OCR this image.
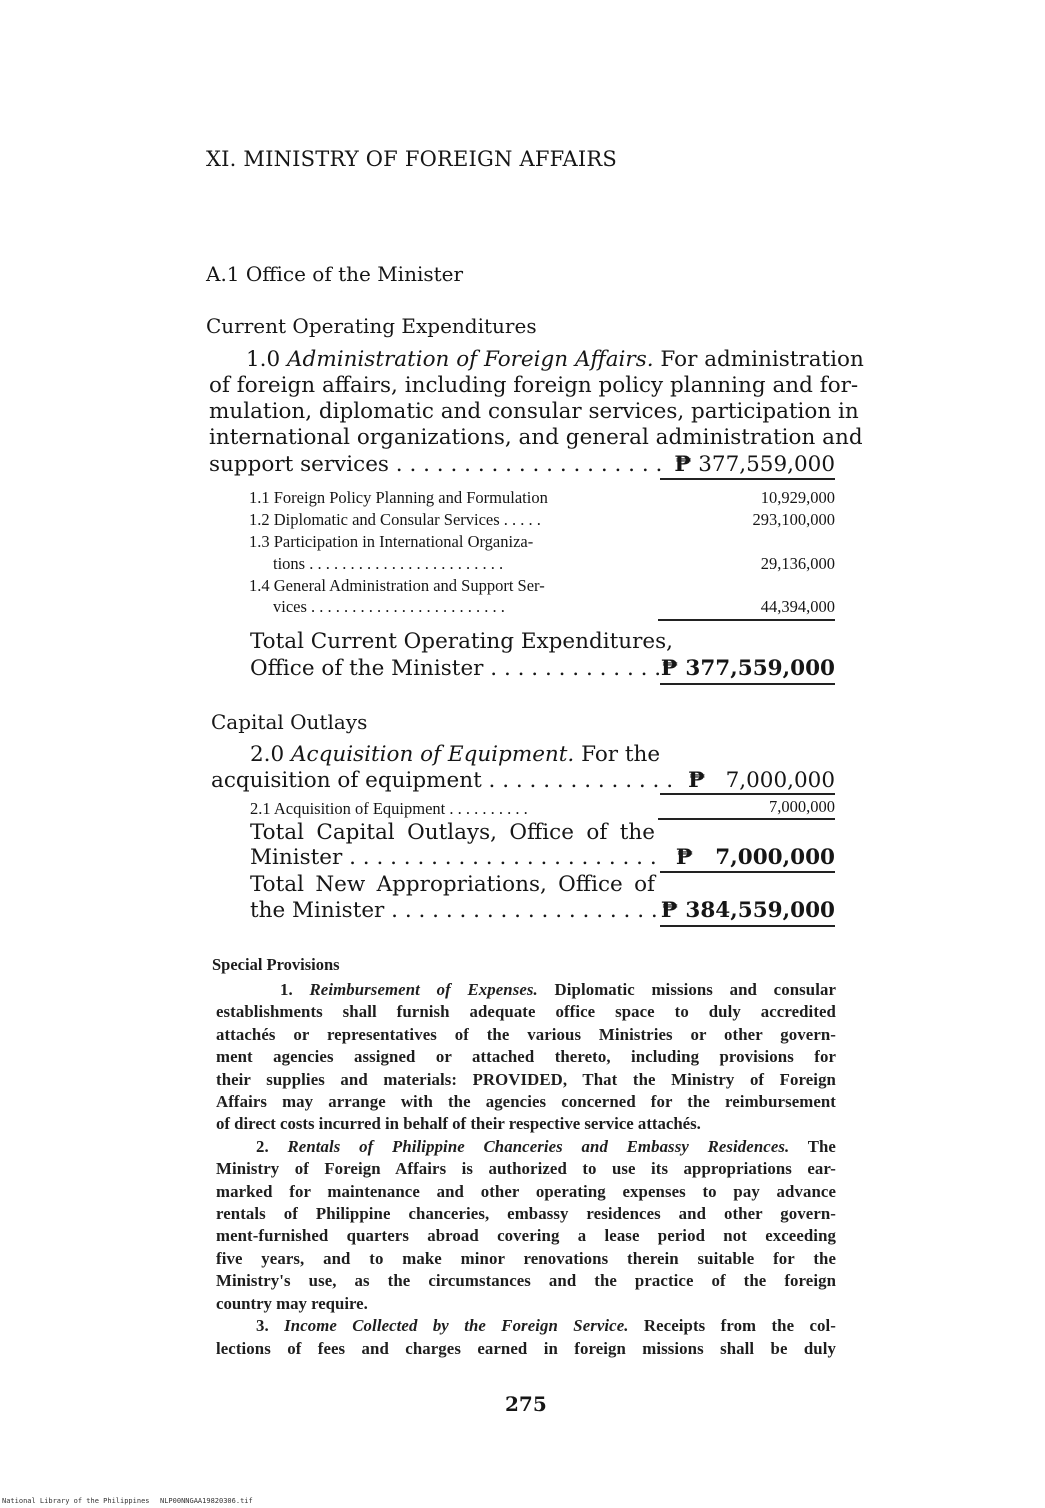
XI. MINISTRY OF FOREIGN AFFAIRS
A.1 Office of the Minister
Current Operating Expenditures
1.0 Administration of Foreign Affairs. For administration
of foreign affairs, including foreign policy planning and for-
mulation, diplomatic and consular services, participation in
international organizations, and general administration and
support services . . . . . . . . . . . . . . . . . . . . ₱ 377,559,000
1.1 Foreign Policy Planning and Formulation	10,929,000
1.2 Diplomatic and Consular Services . . . . .	293,100,000
1.3 Participation in International Organiza-
tions . . . . . . . . . . . . . . . . . . . . . . . .	29,136,000
1.4 General Administration and Support Ser-
vices . . . . . . . . . . . . . . . . . . . . . . . .	44,394,000
Total Current Operating Expenditures,
Office of the Minister . . . . . . . . . . . . . ₱ 377,559,000
Capital Outlays
2.0 Acquisition of Equipment. For the
acquisition of equipment . . . . . . . . . . . . . . ₱ 7,000,000
2.1 Acquisition of Equipment . . . . . . . . . .	7,000,000
Total Capital Outlays, Office of the
Minister . . . . . . . . . . . . . . . . . . . . . . . ₱ 7,000,000
Total New Appropriations, Office of
the Minister . . . . . . . . . . . . . . . . . . . . ₱ 384,559,000
Special Provisions
1. Reimbursement of Expenses. Diplomatic missions and consular
establishments shall furnish adequate office space to duly accredited
attachés or representatives of the various Ministries or other govern-
ment agencies assigned or attached thereto, including provisions for
their supplies and materials: PROVIDED, That the Ministry of Foreign
Affairs may arrange with the agencies concerned for the reimbursement
of direct costs incurred in behalf of their respective service attachés.
2. Rentals of Philippine Chanceries and Embassy Residences. The
Ministry of Foreign Affairs is authorized to use its appropriations ear-
marked for maintenance and other operating expenses to pay advance
rentals of Philippine chanceries, embassy residences and other govern-
ment-furnished quarters abroad covering a lease period not exceeding
five years, and to make minor renovations therein suitable for the
Ministry's use, as the circumstances and the practice of the foreign
country may require.
3. Income Collected by the Foreign Service. Receipts from the col-
lections of fees and charges earned in foreign missions shall be duly
275
National Library of the Philippines NLP00NNGAA19820306.tif
